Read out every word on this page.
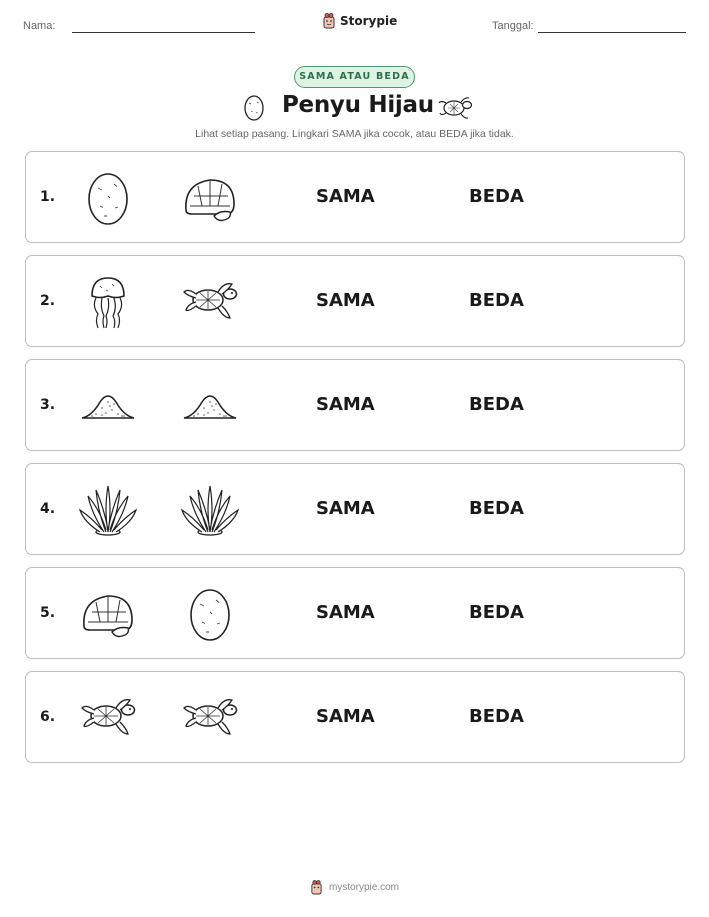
Nama:	Storypie	Tanggal:
SAMA ATAU BEDA
Penyu Hijau
Lihat setiap pasang. Lingkari SAMA jika cocok, atau BEDA jika tidak.
1.	SAMA	BEDA
2.	SAMA	BEDA
3.	SAMA	BEDA
4.	SAMA	BEDA
5.	SAMA	BEDA
6.	SAMA	BEDA
mystorypie.com
